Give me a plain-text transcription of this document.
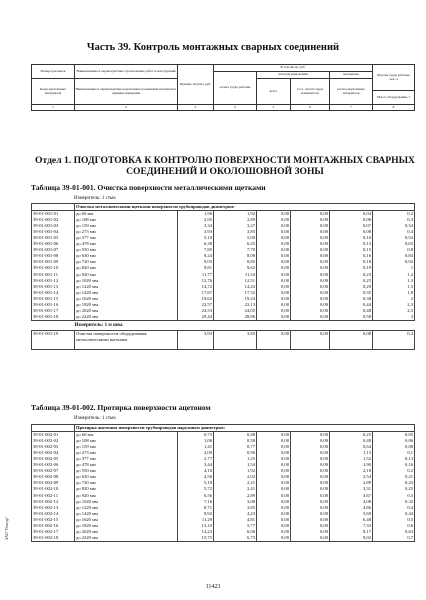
Часть 39. Контроль монтажных сварных соединений
Номера расценок	Наименование и характеристика строительных работ и конструкций	Прямые затраты, руб.	В том числе, руб.				Затраты труда рабочих, чел.-ч
			оплата труда рабочих	эксплуатация машин		материалы	
Коды неучтенных материалов	Наименование и характеристика неучтенных расценками материалов, единица измерения			всего	в т.ч. оплата труда машинистов	расход неучтенных материалов	
							Масса оборудования, т
1	2	3	4	5	6	7	8
Отдел 1. ПОДГОТОВКА К КОНТРОЛЮ ПОВЕРХНОСТИ МОНТАЖНЫХ СВАРНЫХ СОЕДИНЕНИЙ И ОКОЛОШОВНОЙ ЗОНЫ
Таблица 39-01-001. Очистка поверхности металлическими щетками
Измеритель: 1 стык
	Очистка металлическими щетками поверхности трубопроводов диаметром:						
39-01-001-01	до 60 мм	1,96	1,92	0,00	0,00	0,04	0,2
39-01-001-02	до 108 мм	2,95	2,89	0,00	0,00	0,06	0,3
39-01-001-03	до 159 мм	3,34	3,27	0,00	0,00	0,07	0,34
39-01-001-04	до 273 мм	3,93	3,85	0,00	0,00	0,08	0,4
39-01-001-05	до 377 мм	5,10	5,00	0,00	0,00	0,10	0,52
39-01-001-06	до 478 мм	6,38	6,25	0,00	0,00	0,13	0,65
39-01-001-07	до 550 мм	7,85	7,70	0,00	0,00	0,15	0,8
39-01-001-08	до 630 мм	8,24	8,08	0,00	0,00	0,16	0,84
39-01-001-09	до 720 мм	9,03	8,85	0,00	0,00	0,18	0,92
39-01-001-10	до 820 мм	9,81	9,62	0,00	0,00	0,19	1
39-01-001-11	до 920 мм	11,77	11,54	0,00	0,00	0,23	1,2
39-01-001-12	до 1020 мм	12,76	12,51	0,00	0,00	0,25	1,3
39-01-001-13	до 1220 мм	14,72	14,43	0,00	0,00	0,29	1,5
39-01-001-14	до 1420 мм	17,67	17,32	0,00	0,00	0,35	1,8
39-01-001-15	до 1620 мм	19,62	19,24	0,00	0,00	0,38	2
39-01-001-16	до 1820 мм	22,57	22,13	0,00	0,00	0,44	2,3
39-01-001-17	до 2020 мм	24,53	24,05	0,00	0,00	0,48	2,5
39-01-001-18	до 2220 мм	29,44	28,86	0,00	0,00	0,58	3
Измеритель: 1 м шва							
39-01-001-19	Очистка поверхности оборудования металлическими щетками	3,93	3,85	0,00	0,00	0,08	0,4
Таблица 39-01-002. Протирка поверхности ацетоном
Измеритель: 1 стык
	Протирка ацетоном поверхности трубопроводов наружным диаметром:						
39-01-002-01	до 60 мм	0,73	0,48	0,00	0,00	0,25	0,05
39-01-002-02	до 108 мм	1,06	0,58	0,00	0,00	0,48	0,06
39-01-002-03	до 159 мм	1,41	0,77	0,00	0,00	0,64	0,08
39-01-002-04	до 273 мм	2,09	0,96	0,00	0,00	1,13	0,1
39-01-002-05	до 377 мм	2,77	1,25	0,00	0,00	1,52	0,13
39-01-002-06	до 478 мм	3,44	1,54	0,00	0,00	1,90	0,16
39-01-002-07	до 550 мм	4,10	1,92	0,00	0,00	2,18	0,2
39-01-002-08	до 630 мм	4,56	2,02	0,00	0,00	2,54	0,21
39-01-002-09	до 720 мм	5,10	2,21	0,00	0,00	2,89	0,23
39-01-002-10	до 820 мм	5,72	2,41	0,00	0,00	3,31	0,25
39-01-002-11	до 920 мм	6,56	2,89	0,00	0,00	3,67	0,3
39-01-002-12	до 1020 мм	7,16	3,08	0,00	0,00	4,08	0,32
39-01-002-13	до 1220 мм	8,71	3,85	0,00	0,00	4,86	0,4
39-01-002-14	до 1420 мм	9,92	4,23	0,00	0,00	5,69	0,44
39-01-002-15	до 1620 мм	11,29	4,81	0,00	0,00	6,48	0,5
39-01-002-16	до 1820 мм	13,10	5,77	0,00	0,00	7,33	0,6
39-01-002-17	до 2020 мм	14,23	6,06	0,00	0,00	8,17	0,63
39-01-002-18	до 2220 мм	15,75	6,73	0,00	0,00	9,02	0,7
11423
ЗАО "Гектор"
